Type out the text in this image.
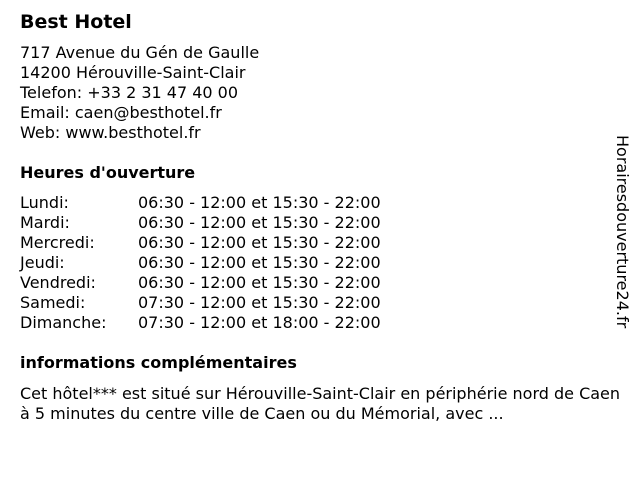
Best Hotel
717 Avenue du Gén de Gaulle
14200 Hérouville-Saint-Clair
Telefon: +33 2 31 47 40 00
Email: caen@besthotel.fr
Web: www.besthotel.fr
Heures d'ouverture
Lundi:	06:30 - 12:00 et 15:30 - 22:00
Mardi:	06:30 - 12:00 et 15:30 - 22:00
Mercredi:	06:30 - 12:00 et 15:30 - 22:00
Jeudi:	06:30 - 12:00 et 15:30 - 22:00
Vendredi:	06:30 - 12:00 et 15:30 - 22:00
Samedi:	07:30 - 12:00 et 15:30 - 22:00
Dimanche:	07:30 - 12:00 et 18:00 - 22:00
informations complémentaires
Cet hôtel*** est situé sur Hérouville-Saint-Clair en périphérie nord de Caen à 5 minutes du centre ville de Caen ou du Mémorial, avec ...
Horairesdouverture24.fr
